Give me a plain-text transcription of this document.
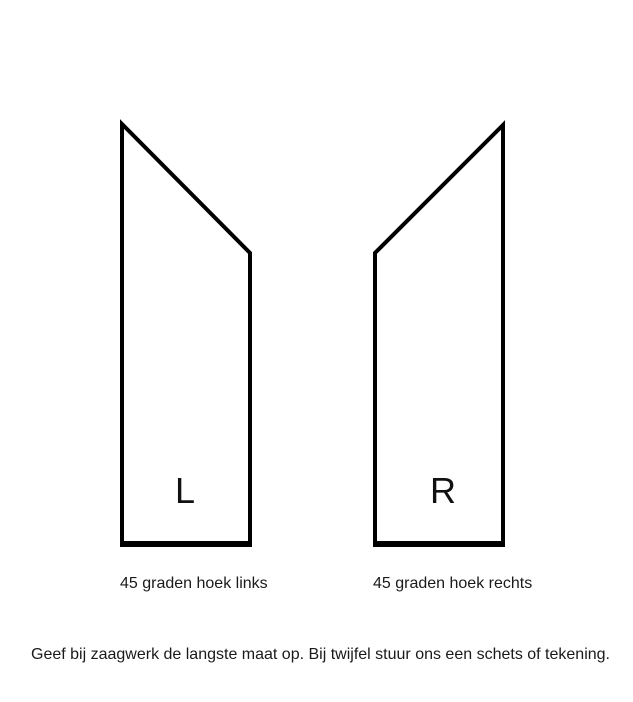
L	R
45 graden hoek links	45 graden hoek rechts
Geef bij zaagwerk de langste maat op. Bij twijfel stuur ons een schets of tekening.
